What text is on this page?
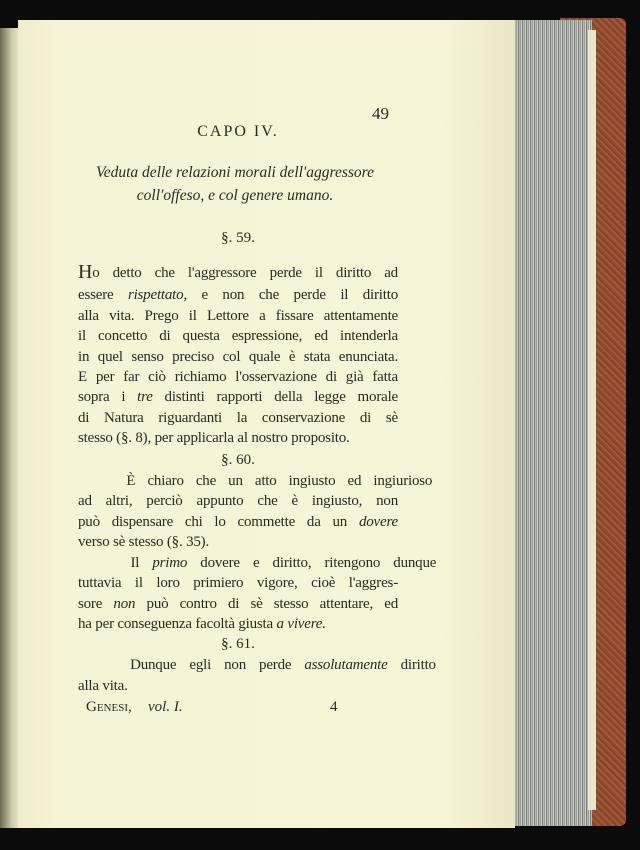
49
CAPO IV.
Veduta delle relazioni morali dell'aggressore
coll'offeso, e col genere umano.
§. 59.
§. 60.
§. 61.
Genesi , vol. I.	4
H o detto che l'aggressore perde il diritto ad
essere rispettato , e non che perde il diritto
alla vita. Prego il Lettore a fissare attentamente
il concetto di questa espressione, ed intenderla
in quel senso preciso col quale è stata enunciata.
E per far ciò richiamo l'osservazione di già fatta
sopra i tre distinti rapporti della legge morale
di Natura riguardanti la conservazione di sè
stesso (§. 8), per applicarla al nostro proposito.
È chiaro che un atto ingiusto ed ingiurioso
ad altri, perciò appunto che è ingiusto, non
può dispensare chi lo commette da un dovere
verso sè stesso (§. 35).
Il primo dovere e diritto, ritengono dunque
tuttavia il loro primiero vigore, cioè l'aggres-
sore non può contro di sè stesso attentare, ed
ha per conseguenza facoltà giusta a vivere.
Dunque egli non perde assolutamente diritto
alla vita.
